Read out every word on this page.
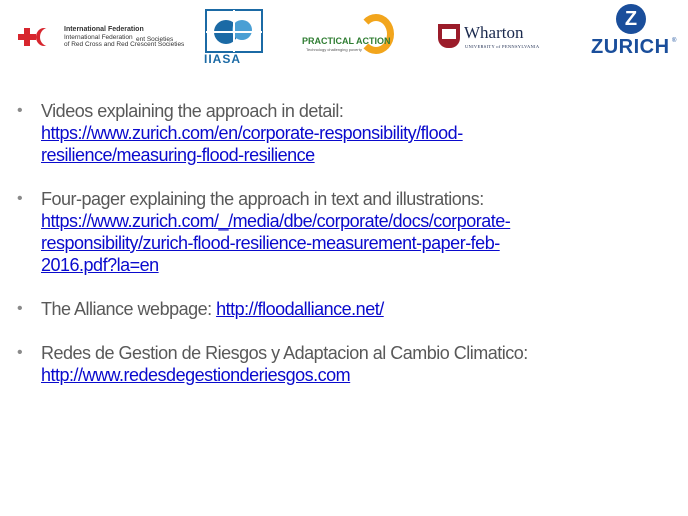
International Federation
International Federation
of Red Cross and Red Crescent Societies
ent Societies
IIASA
PRACTICAL ACTION
Technology challenging poverty
Wharton
UNIVERSITY of PENNSYLVANIA
Z
ZURICH ®
• Videos explaining the approach in detail:
https://www.zurich.com/en/corporate-responsibility/flood-
resilience/measuring-flood-resilience
• Four-pager explaining the approach in text and illustrations:
https://www.zurich.com/_/media/dbe/corporate/docs/corporate-
responsibility/zurich-flood-resilience-measurement-paper-feb-
2016.pdf?la=en
• The Alliance webpage: http://floodalliance.net/
• Redes de Gestion de Riesgos y Adaptacion al Cambio Climatico:
http://www.redesdegestionderiesgos.com
